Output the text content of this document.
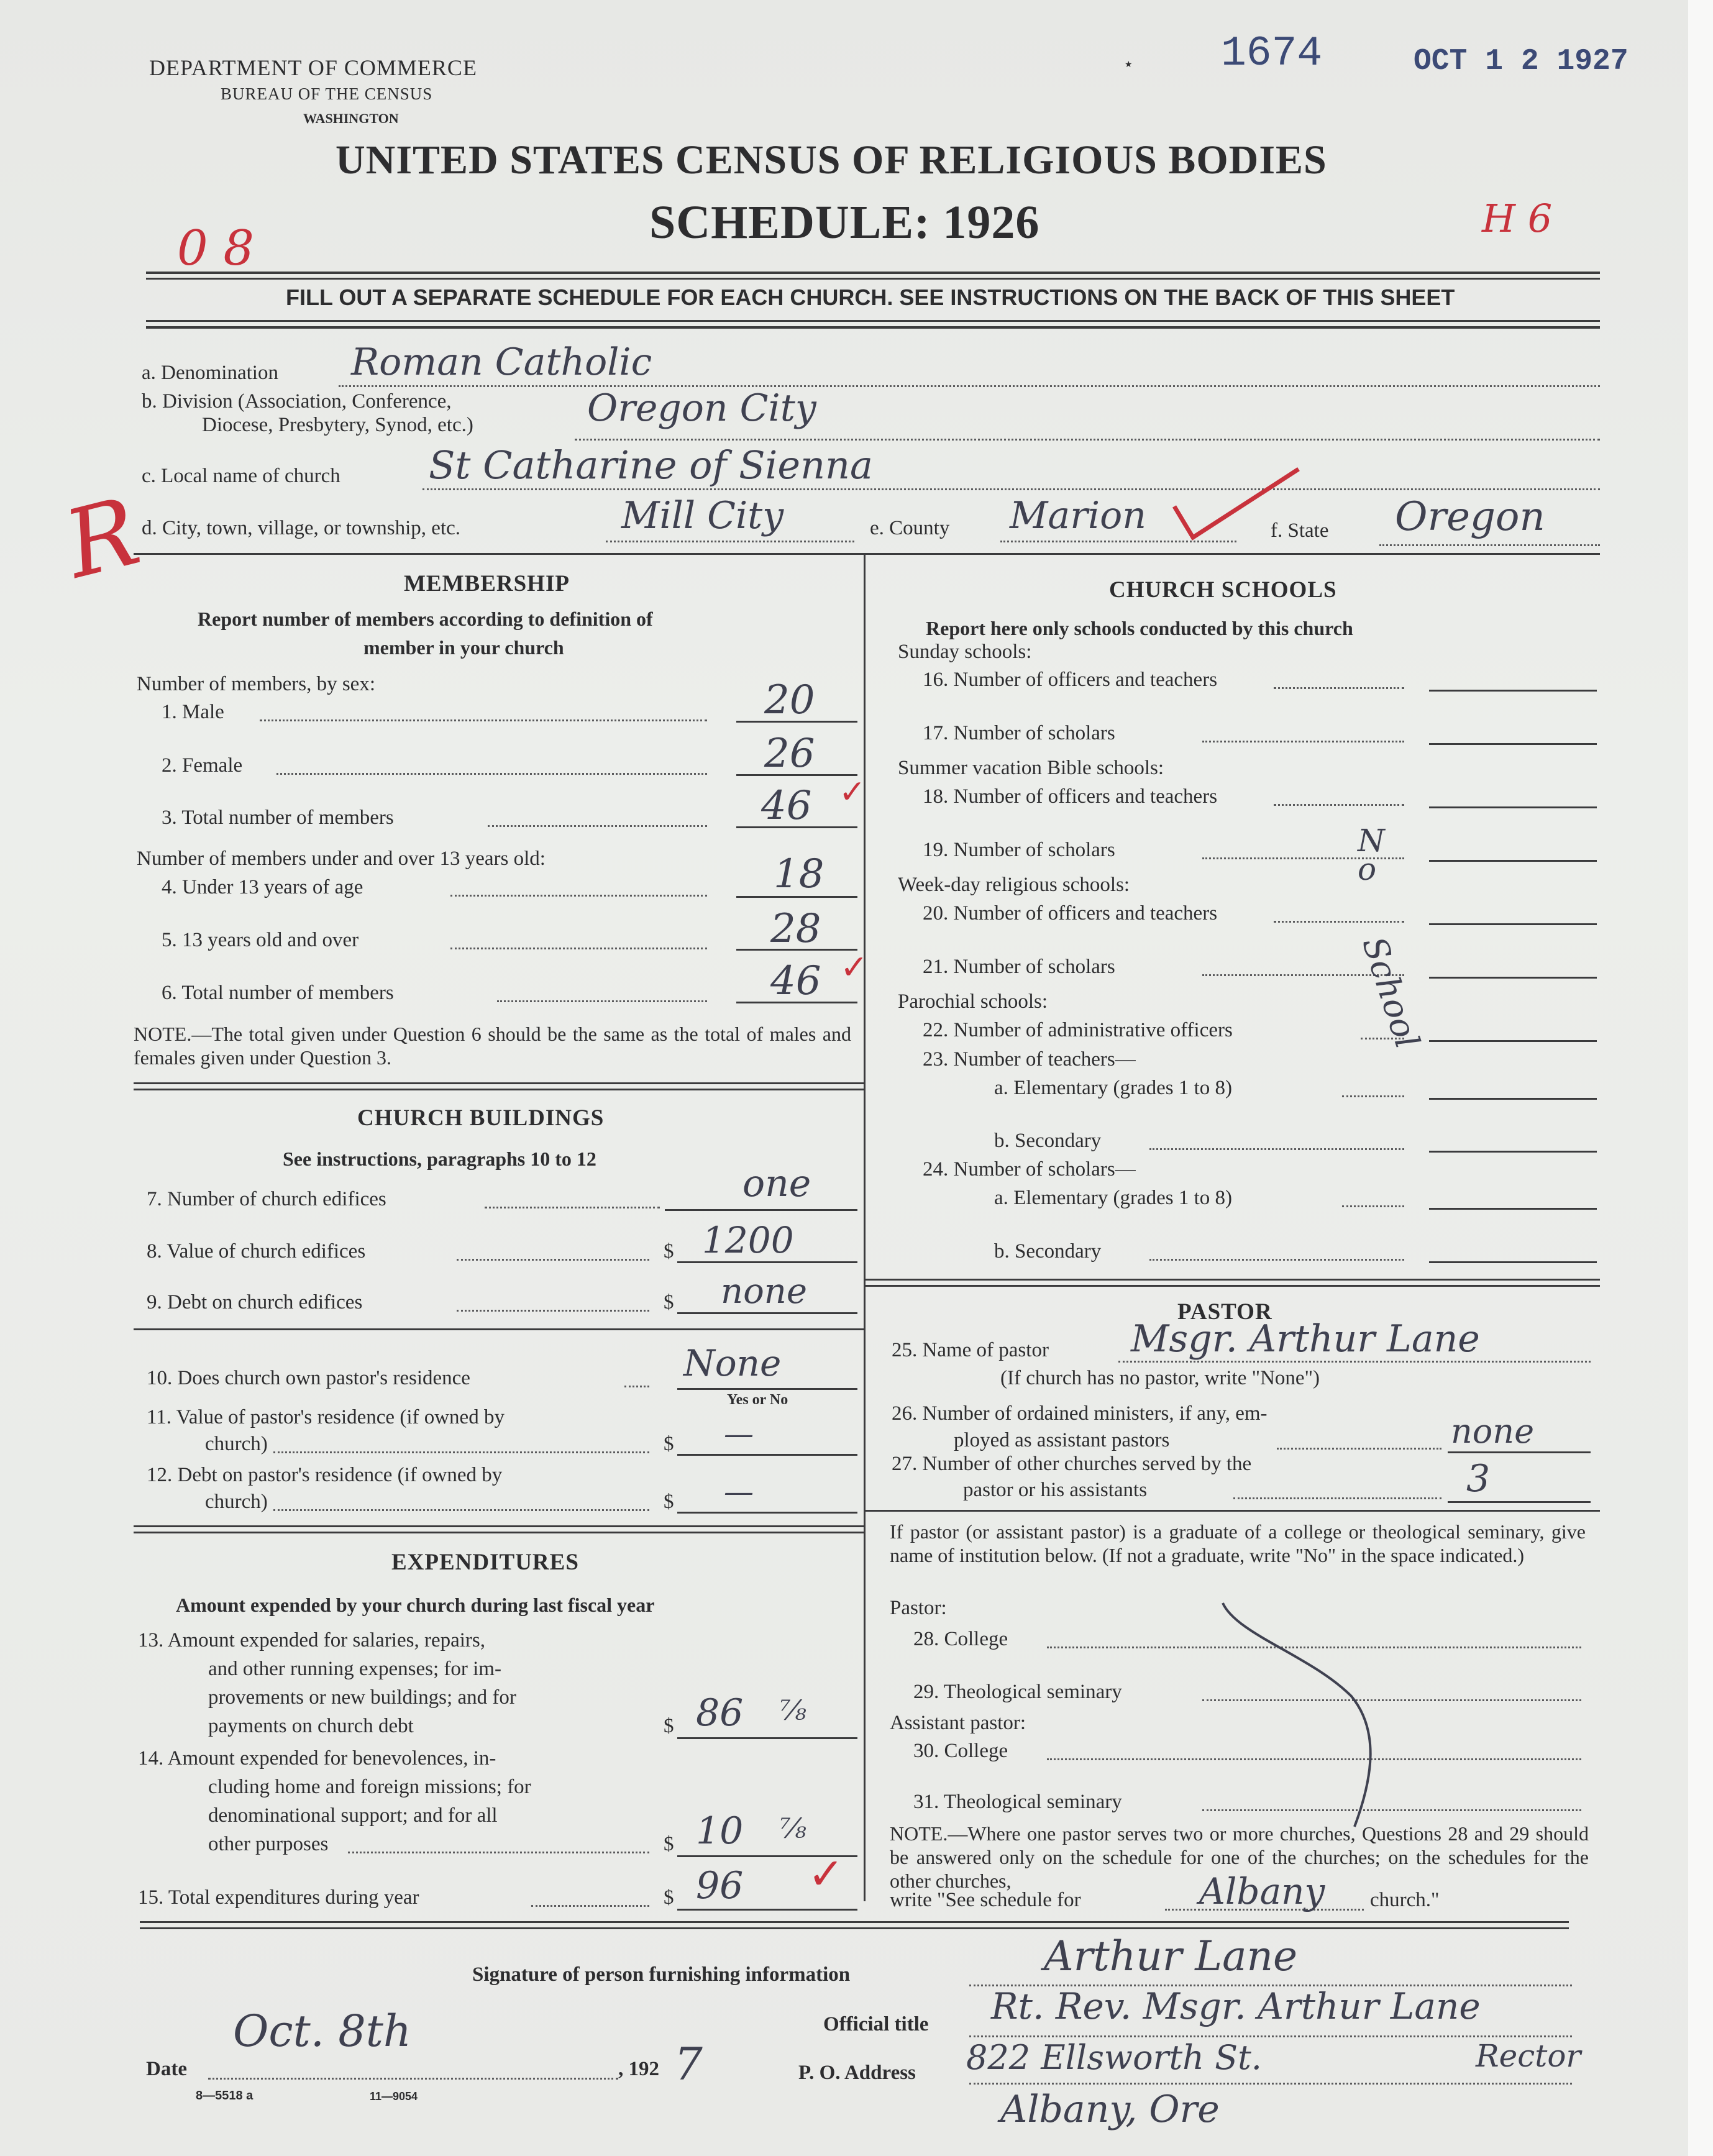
DEPARTMENT OF COMMERCE
BUREAU OF THE CENSUS
WASHINGTON
★ 1674	OCT 1 2 1927
UNITED STATES CENSUS OF RELIGIOUS BODIES
SCHEDULE: 1926
0 8
H 6
FILL OUT A SEPARATE SCHEDULE FOR EACH CHURCH. SEE INSTRUCTIONS ON THE BACK OF THIS SHEET
a. Denomination Roman Catholic
b. Division (Association, Conference,
Diocese, Presbytery, Synod, etc.)	Oregon City
c. Local name of church St Catharine of Sienna
R
d. City, town, village, or township, etc.	Mill City	e. County Marion	f. State Oregon
MEMBERSHIP
Report number of members according to definition of
member in your church
Number of members, by sex:
1. Male	20
2. Female	26
3. Total number of members	46 ✓
Number of members under and over 13 years old:
4. Under 13 years of age	18
5. 13 years old and over	28
6. Total number of members	46 ✓
NOTE.—The total given under Question 6 should be the same as the total of males and females given under Question 3.
CHURCH BUILDINGS
See instructions, paragraphs 10 to 12
7. Number of church edifices	one
8. Value of church edifices	$ 1200
9. Debt on church edifices	$ none
10. Does church own pastor's residence	None
Yes or No
11. Value of pastor's residence (if owned by
church)	$ —
12. Debt on pastor's residence (if owned by
church)	$ —
EXPENDITURES
Amount expended by your church during last fiscal year
13. Amount expended for salaries, repairs,
and other running expenses; for im-
provements or new buildings; and for
payments on church debt	$ 86 ⅞
14. Amount expended for benevolences, in-
cluding home and foreign missions; for
denominational support; and for all
other purposes	$ 10 ⅞
15. Total expenditures during year	$ 96 ✓
CHURCH SCHOOLS
Report here only schools conducted by this church
Sunday schools:
16. Number of officers and teachers
17. Number of scholars
Summer vacation Bible schools:
18. Number of officers and teachers
19. Number of scholars	No
Week-day religious schools:
20. Number of officers and teachers
21. Number of scholars	School
Parochial schools:
22. Number of administrative officers
23. Number of teachers—
a. Elementary (grades 1 to 8)
b. Secondary
24. Number of scholars—
a. Elementary (grades 1 to 8)
b. Secondary
PASTOR
25. Name of pastor Msgr. Arthur Lane
(If church has no pastor, write "None")
26. Number of ordained ministers, if any, em-
ployed as assistant pastors	none
27. Number of other churches served by the
pastor or his assistants	3
If pastor (or assistant pastor) is a graduate of a college or theological seminary, give name of institution below. (If not a graduate, write "No" in the space indicated.)
Pastor:
28. College
29. Theological seminary
Assistant pastor:
30. College
31. Theological seminary
NOTE.—Where one pastor serves two or more churches, Questions 28 and 29 should be answered only on the schedule for one of the churches; on the schedules for the other churches,
write "See schedule for	Albany church."
Signature of person furnishing information	Arthur Lane
Official title Rt. Rev. Msgr. Arthur Lane
Date
Oct. 8th
, 192 7	P. O. Address 822 Ellsworth St.	Rector
Albany, Ore
8—5518 a	11—9054
